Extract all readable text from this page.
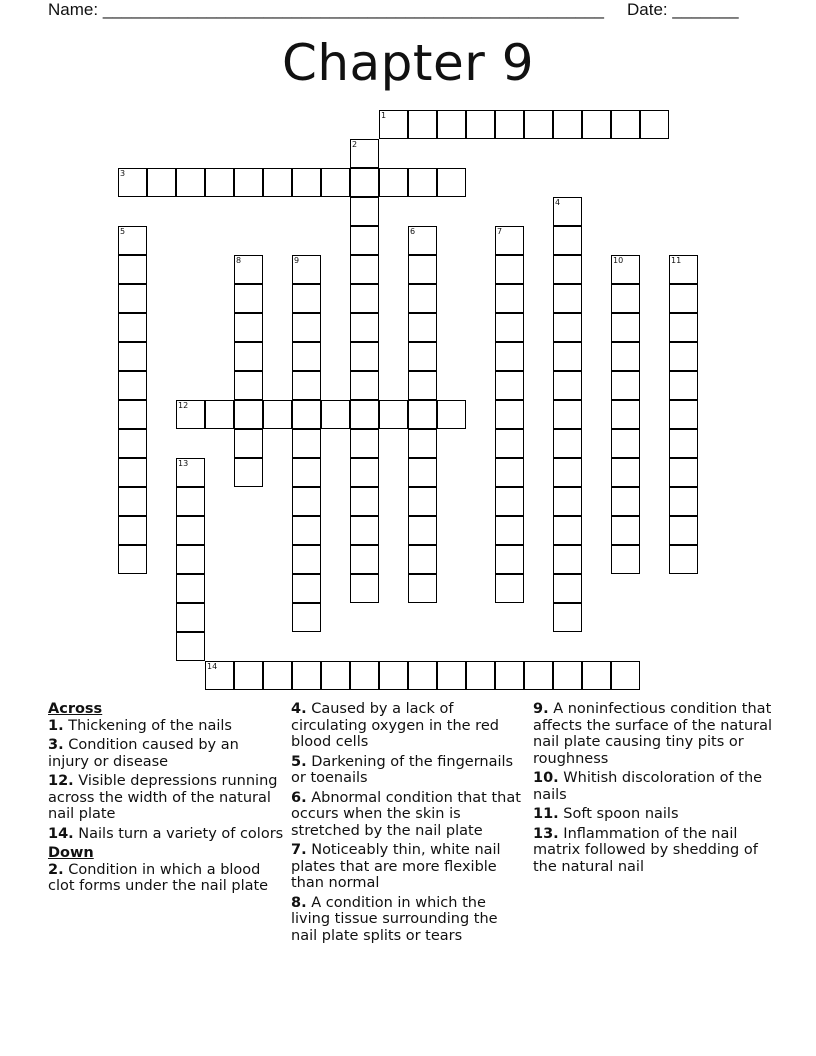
Name: _____________________________________________________ Date: _______
Chapter 9
1
2
3
4
5	6	7
8	9	10	11
12
13
14

Across

1. Thickening of the nails

3. Condition caused by an injury or disease

12. Visible depressions running across the width of the natural nail plate

14. Nails turn a variety of colors

Down

2. Condition in which a blood clot forms under the nail plate

4. Caused by a lack of circulating oxygen in the red blood cells

5. Darkening of the fingernails or toenails

6. Abnormal condition that that occurs when the skin is stretched by the nail plate

7. Noticeably thin, white nail plates that are more flexible than normal

8. A condition in which the living tissue surrounding the nail plate splits or tears

9. A noninfectious condition that affects the surface of the natural nail plate causing tiny pits or roughness

10. Whitish discoloration of the nails

11. Soft spoon nails

13. Inflammation of the nail matrix followed by shedding of the natural nail
